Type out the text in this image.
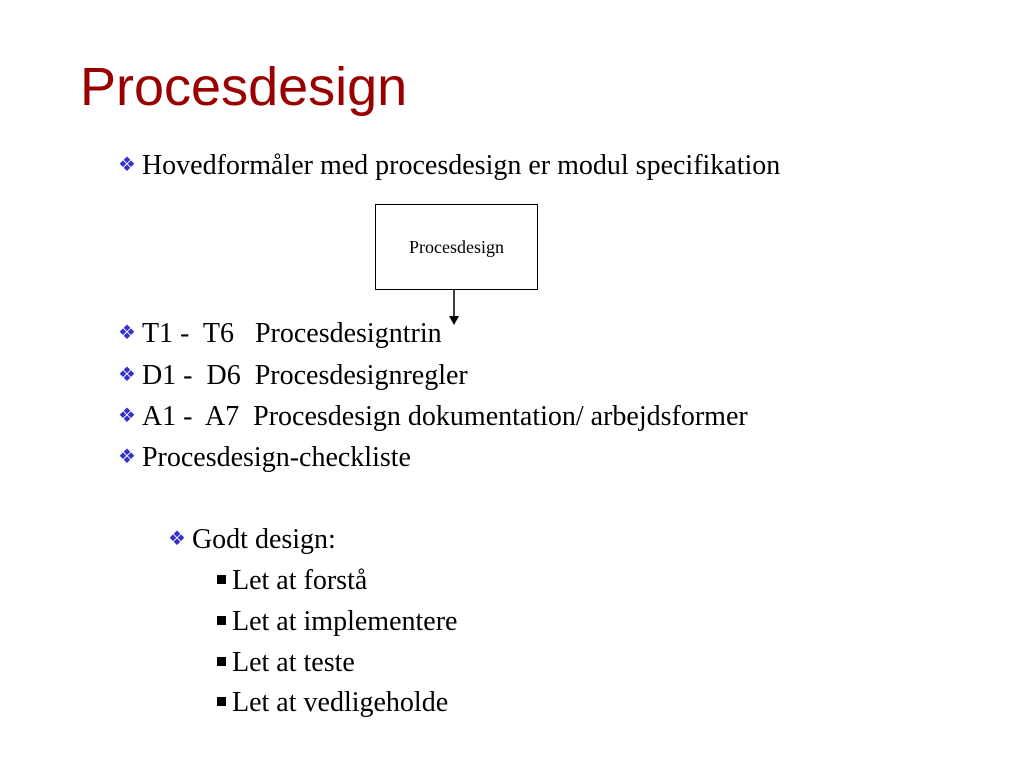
Procesdesign
❖ Hovedformåler med procesdesign er modul specifikation
Procesdesign
❖ T1 -  T6   Procesdesigntrin
❖ D1 -  D6  Procesdesignregler
❖ A1 -  A7  Procesdesign dokumentation/ arbejdsformer
❖ Procesdesign-checkliste
❖ Godt design:
Let at forstå
Let at implementere
Let at teste
Let at vedligeholde
